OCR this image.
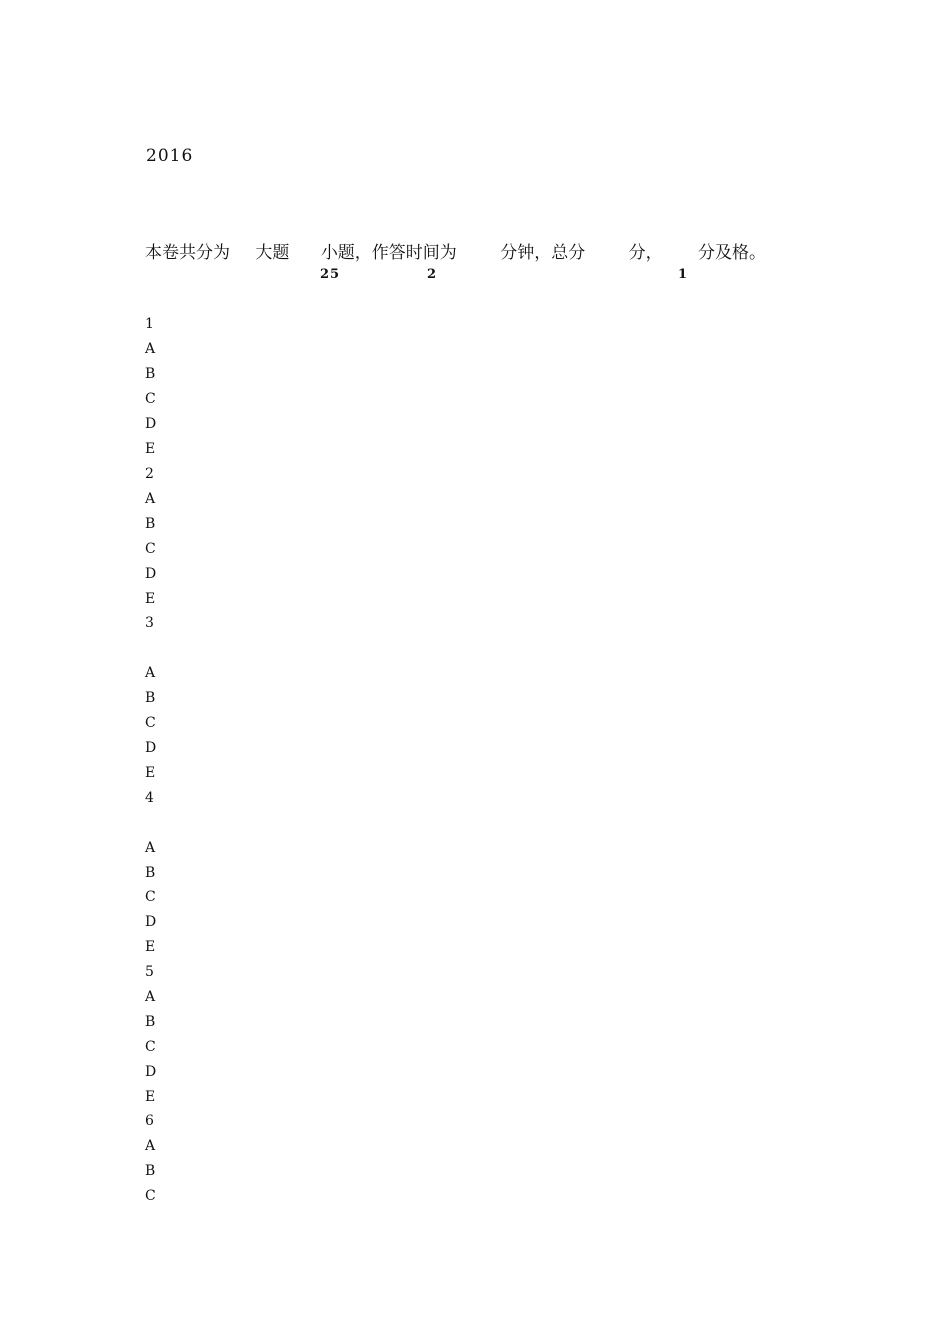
2016
本卷共分为 大题 小题，作答时间为	分钟，总分	分， 分及格。
25	2	1
1
A
B
C
D
E
2
A
B
C
D
E
3
A
B
C
D
E
4
A
B
C
D
E
5
A
B
C
D
E
6
A
B
C
